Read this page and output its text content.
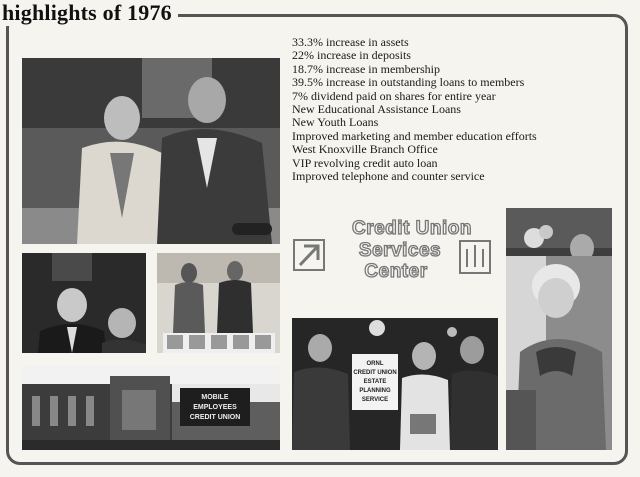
highlights of 1976
33.3% increase in assets
22% increase in deposits
18.7% increase in membership
39.5% increase in outstanding loans to members
7% dividend paid on shares for entire year
New Educational Assistance Loans
New Youth Loans
Improved marketing and member education efforts
West Knoxville Branch Office
VIP revolving credit auto loan
Improved telephone and counter service
MOBILE
EMPLOYEES
CREDIT UNION
Credit Union
Services
Center
ORNL
CREDIT UNION
ESTATE
PLANNING
SERVICE
